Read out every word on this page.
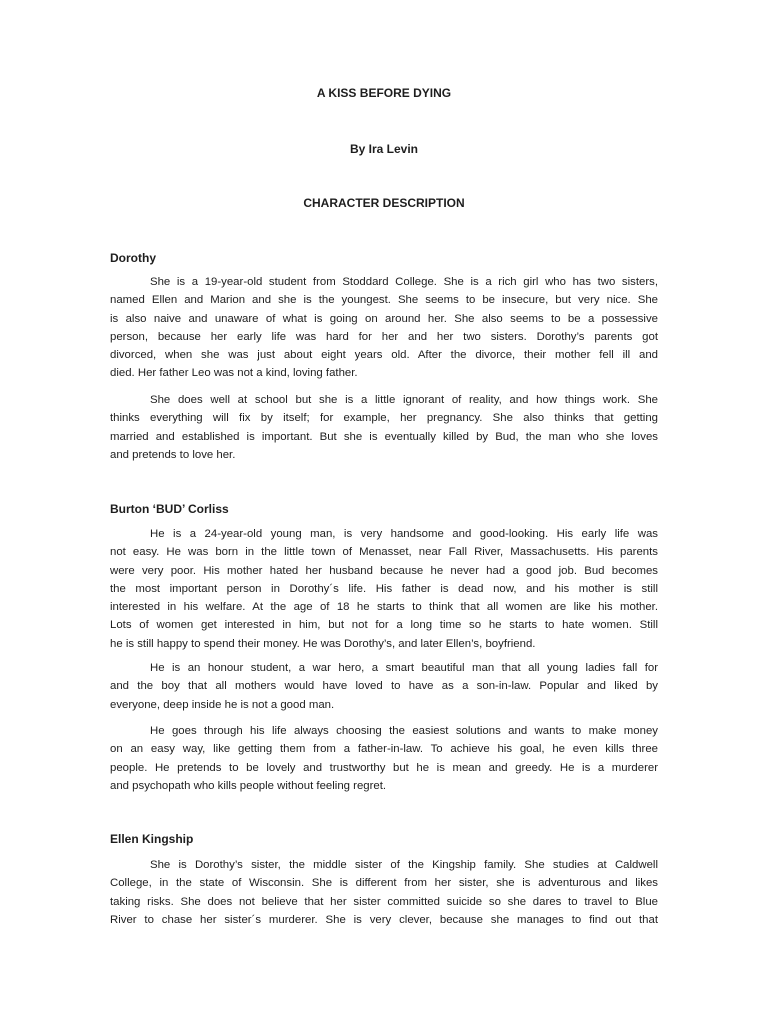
A KISS BEFORE DYING
By Ira Levin
CHARACTER DESCRIPTION
Dorothy
She is a 19-year-old student from Stoddard College. She is a rich girl who has two sisters,
named Ellen and Marion and she is the youngest. She seems to be insecure, but very nice. She
is also naive and unaware of what is going on around her. She also seems to be a possessive
person, because her early life was hard for her and her two sisters. Dorothy’s parents got
divorced, when she was just about eight years old. After the divorce, their mother fell ill and
died. Her father Leo was not a kind, loving father.
She does well at school but she is a little ignorant of reality, and how things work. She
thinks everything will fix by itself; for example, her pregnancy. She also thinks that getting
married and established is important. But she is eventually killed by Bud, the man who she loves
and pretends to love her.
Burton ‘BUD’ Corliss
He is a 24-year-old young man, is very handsome and good-looking. His early life was
not easy. He was born in the little town of Menasset, near Fall River, Massachusetts. His parents
were very poor. His mother hated her husband because he never had a good job. Bud becomes
the most important person in Dorothy´s life. His father is dead now, and his mother is still
interested in his welfare. At the age of 18 he starts to think that all women are like his mother.
Lots of women get interested in him, but not for a long time so he starts to hate women. Still
he is still happy to spend their money. He was Dorothy’s, and later Ellen’s, boyfriend.
He is an honour student, a war hero, a smart beautiful man that all young ladies fall for
and the boy that all mothers would have loved to have as a son-in-law. Popular and liked by
everyone, deep inside he is not a good man.
He goes through his life always choosing the easiest solutions and wants to make money
on an easy way, like getting them from a father-in-law. To achieve his goal, he even kills three
people. He pretends to be lovely and trustworthy but he is mean and greedy. He is a murderer
and psychopath who kills people without feeling regret.
Ellen Kingship
She is Dorothy’s sister, the middle sister of the Kingship family. She studies at Caldwell
College, in the state of Wisconsin. She is different from her sister, she is adventurous and likes
taking risks. She does not believe that her sister committed suicide so she dares to travel to Blue
River to chase her sister´s murderer. She is very clever, because she manages to find out that
